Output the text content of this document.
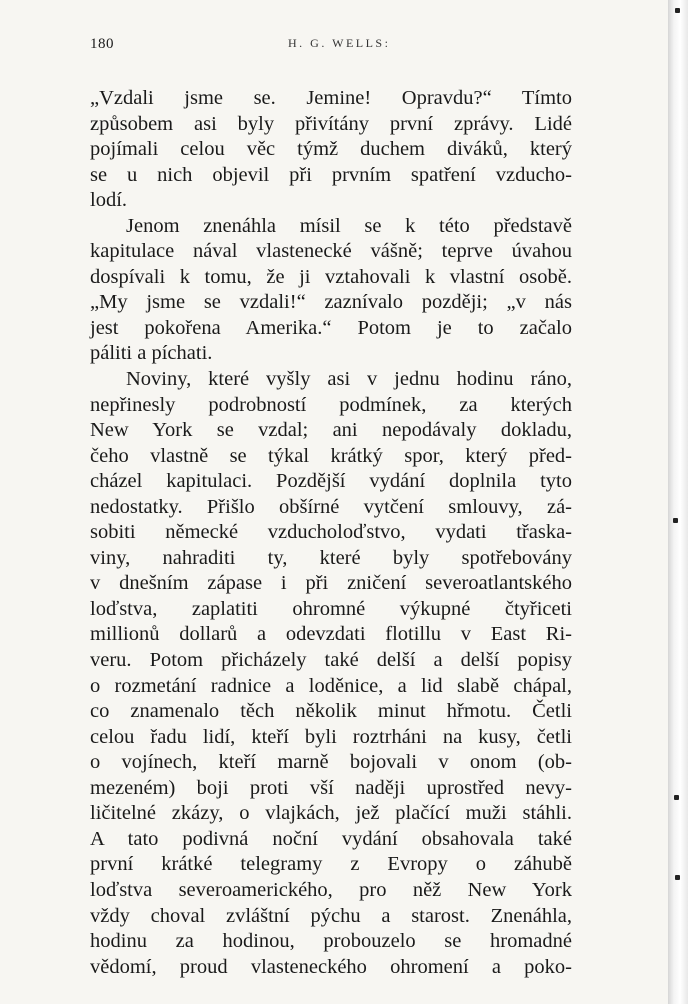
180	H. G. WELLS:
„Vzdali jsme se. Jemine! Opravdu?“ Tímto
způsobem asi byly přivítány první zprávy. Lidé
pojímali celou věc týmž duchem diváků, který
se u nich objevil při prvním spatření vzducho-
lodí.
Jenom znenáhla mísil se k této představě
kapitulace nával vlastenecké vášně; teprve úvahou
dospívali k tomu, že ji vztahovali k vlastní osobě.
„My jsme se vzdali!“ zaznívalo později; „v nás
jest pokořena Amerika.“ Potom je to začalo
páliti a píchati.
Noviny, které vyšly asi v jednu hodinu ráno,
nepřinesly podrobností podmínek, za kterých
New York se vzdal; ani nepodávaly dokladu,
čeho vlastně se týkal krátký spor, který před-
cházel kapitulaci. Pozdější vydání doplnila tyto
nedostatky. Přišlo obšírné vytčení smlouvy, zá-
sobiti německé vzducholoďstvo, vydati třaska-
viny, nahraditi ty, které byly spotřebovány
v dnešním zápase i při zničení severoatlantského
loďstva, zaplatiti ohromné výkupné čtyřiceti
millionů dollarů a odevzdati flotillu v East Ri-
veru. Potom přicházely také delší a delší popisy
o rozmetání radnice a loděnice, a lid slabě chápal,
co znamenalo těch několik minut hřmotu. Četli
celou řadu lidí, kteří byli roztrháni na kusy, četli
o vojínech, kteří marně bojovali v onom (ob-
mezeném) boji proti vší naději uprostřed nevy-
ličitelné zkázy, o vlajkách, jež plačící muži stáhli.
A tato podivná noční vydání obsahovala také
první krátké telegramy z Evropy o záhubě
loďstva severoamerického, pro něž New York
vždy choval zvláštní pýchu a starost. Znenáhla,
hodinu za hodinou, probouzelo se hromadné
vědomí, proud vlasteneckého ohromení a poko-
